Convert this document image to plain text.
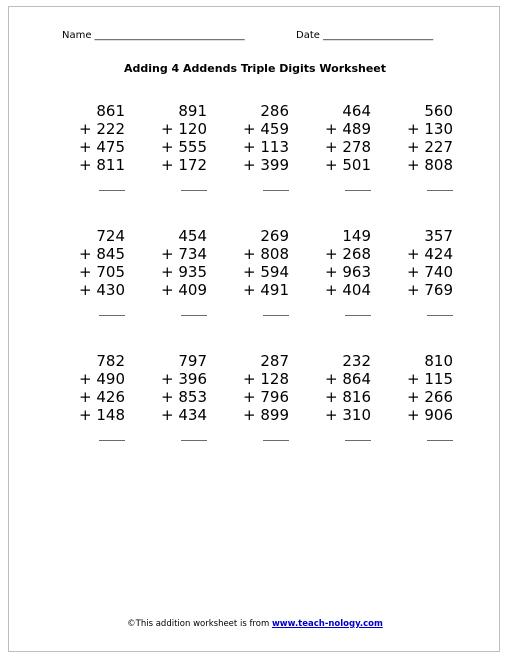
Name ______________________________	Date ______________________
Adding 4 Addends Triple Digits Worksheet
861
+ 222
+ 475
+ 811
891
+ 120
+ 555
+ 172
286
+ 459
+ 113
+ 399
464
+ 489
+ 278
+ 501
560
+ 130
+ 227
+ 808
724
+ 845
+ 705
+ 430
454
+ 734
+ 935
+ 409
269
+ 808
+ 594
+ 491
149
+ 268
+ 963
+ 404
357
+ 424
+ 740
+ 769
782
+ 490
+ 426
+ 148
797
+ 396
+ 853
+ 434
287
+ 128
+ 796
+ 899
232
+ 864
+ 816
+ 310
810
+ 115
+ 266
+ 906
©This addition worksheet is from www.teach-nology.com
